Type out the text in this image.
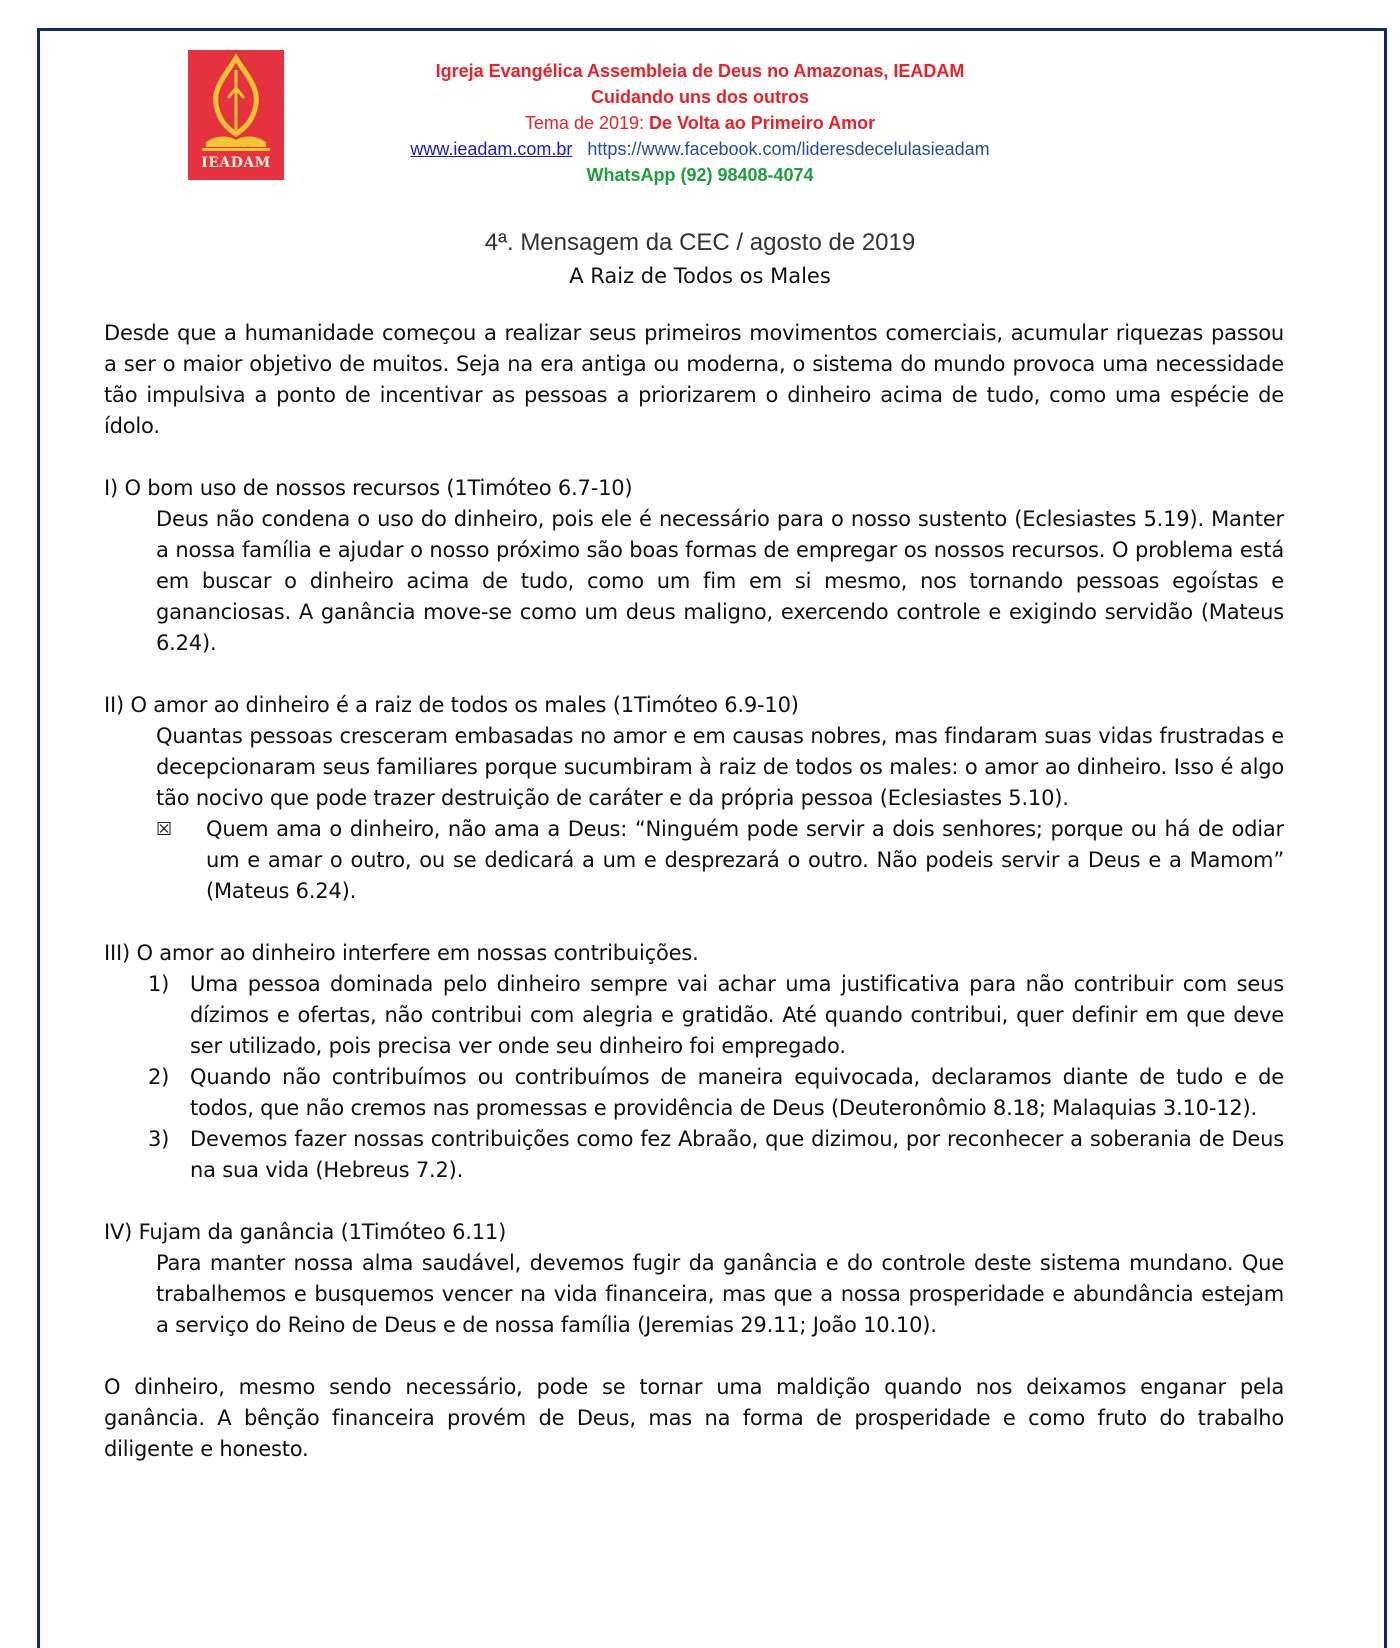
IEADAM
Igreja Evangélica Assembleia de Deus no Amazonas, IEADAM
Cuidando uns dos outros
Tema de 2019: De Volta ao Primeiro Amor
www.ieadam.com.br https://www.facebook.com/lideresdecelulasieadam
WhatsApp (92) 98408-4074
4ª. Mensagem da CEC / agosto de 2019
A Raiz de Todos os Males

Desde que a humanidade começou a realizar seus primeiros movimentos comerciais, acumular riquezas passou a ser o maior objetivo de muitos. Seja na era antiga ou moderna, o sistema do mundo provoca uma necessidade tão impulsiva a ponto de incentivar as pessoas a priorizarem o dinheiro acima de tudo, como uma espécie de ídolo.

I) O bom uso de nossos recursos (1Timóteo 6.7-10)

Deus não condena o uso do dinheiro, pois ele é necessário para o nosso sustento (Eclesiastes 5.19). Manter a nossa família e ajudar o nosso próximo são boas formas de empregar os nossos recursos. O problema está em buscar o dinheiro acima de tudo, como um fim em si mesmo, nos tornando pessoas egoístas e gananciosas. A ganância move-se como um deus maligno, exercendo controle e exigindo servidão (Mateus 6.24).

II) O amor ao dinheiro é a raiz de todos os males (1Timóteo 6.9-10)

Quantas pessoas cresceram embasadas no amor e em causas nobres, mas findaram suas vidas frustradas e decepcionaram seus familiares porque sucumbiram à raiz de todos os males: o amor ao dinheiro. Isso é algo tão nocivo que pode trazer destruição de caráter e da própria pessoa (Eclesiastes 5.10).

☒	Quem ama o dinheiro, não ama a Deus: “Ninguém pode servir a dois senhores; porque ou há de odiar um e amar o outro, ou se dedicará a um e desprezará o outro. Não podeis servir a Deus e a Mamom” (Mateus 6.24).
III) O amor ao dinheiro interfere em nossas contribuições.
1) Uma pessoa dominada pelo dinheiro sempre vai achar uma justificativa para não contribuir com seus dízimos e ofertas, não contribui com alegria e gratidão. Até quando contribui, quer definir em que deve ser utilizado, pois precisa ver onde seu dinheiro foi empregado.
2) Quando não contribuímos ou contribuímos de maneira equivocada, declaramos diante de tudo e de todos, que não cremos nas promessas e providência de Deus (Deuteronômio 8.18; Malaquias 3.10-12).
3) Devemos fazer nossas contribuições como fez Abraão, que dizimou, por reconhecer a soberania de Deus na sua vida (Hebreus 7.2).
IV) Fujam da ganância (1Timóteo 6.11)

Para manter nossa alma saudável, devemos fugir da ganância e do controle deste sistema mundano. Que trabalhemos e busquemos vencer na vida financeira, mas que a nossa prosperidade e abundância estejam a serviço do Reino de Deus e de nossa família (Jeremias 29.11; João 10.10).

O dinheiro, mesmo sendo necessário, pode se tornar uma maldição quando nos deixamos enganar pela ganância. A bênção financeira provém de Deus, mas na forma de prosperidade e como fruto do trabalho diligente e honesto.
